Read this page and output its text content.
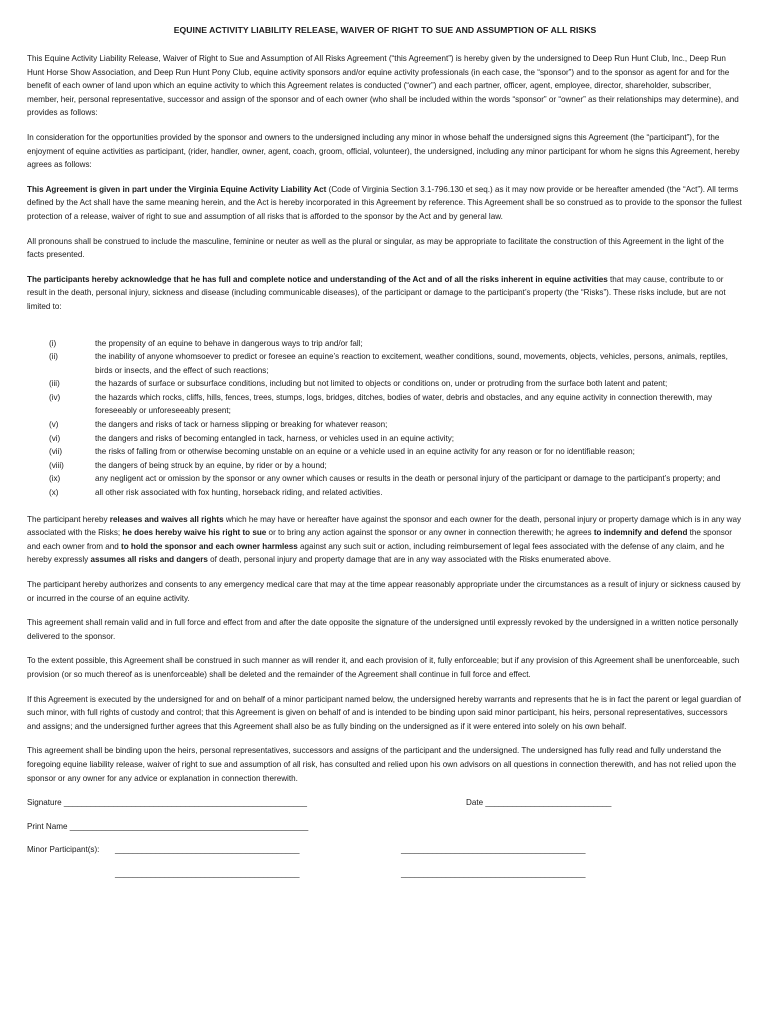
EQUINE ACTIVITY LIABILITY RELEASE, WAIVER OF RIGHT TO SUE AND ASSUMPTION OF ALL RISKS

This Equine Activity Liability Release, Waiver of Right to Sue and Assumption of All Risks Agreement (“this Agreement”) is hereby given by the undersigned to Deep Run Hunt Club, Inc., Deep Run Hunt Horse Show Association, and Deep Run Hunt Pony Club, equine activity sponsors and/or equine activity professionals (in each case, the “sponsor”) and to the sponsor as agent for and for the benefit of each owner of land upon which an equine activity to which this Agreement relates is conducted (“owner”) and each partner, officer, agent, employee, director, shareholder, subscriber, member, heir, personal representative, successor and assign of the sponsor and of each owner (who shall be included within the words “sponsor” or “owner” as their relationships may determine), and provides as follows:

In consideration for the opportunities provided by the sponsor and owners to the undersigned including any minor in whose behalf the undersigned signs this Agreement (the “participant”), for the enjoyment of equine activities as participant, (rider, handler, owner, agent, coach, groom, official, volunteer), the undersigned, including any minor participant for whom he signs this Agreement, hereby agrees as follows:

This Agreement is given in part under the Virginia Equine Activity Liability Act (Code of Virginia Section 3.1-796.130 et seq.) as it may now provide or be hereafter amended (the “Act”). All terms defined by the Act shall have the same meaning herein, and the Act is hereby incorporated in this Agreement by reference. This Agreement shall be so construed as to provide to the sponsor the fullest protection of a release, waiver of right to sue and assumption of all risks that is afforded to the sponsor by the Act and by general law.

All pronouns shall be construed to include the masculine, feminine or neuter as well as the plural or singular, as may be appropriate to facilitate the construction of this Agreement in the light of the facts presented.

The participants hereby acknowledge that he has full and complete notice and understanding of the Act and of all the risks inherent in equine activities that may cause, contribute to or result in the death, personal injury, sickness and disease (including communicable diseases), of the participant or damage to the participant’s property (the “Risks”). These risks include, but are not limited to:

(i)	the propensity of an equine to behave in dangerous ways to trip and/or fall;
(ii)	the inability of anyone whomsoever to predict or foresee an equine’s reaction to excitement, weather conditions, sound, movements, objects, vehicles, persons, animals, reptiles, birds or insects, and the effect of such reactions;
(iii)	the hazards of surface or subsurface conditions, including but not limited to objects or conditions on, under or protruding from the surface both latent and patent;
(iv)	the hazards which rocks, cliffs, hills, fences, trees, stumps, logs, bridges, ditches, bodies of water, debris and obstacles, and any equine activity in connection therewith, may foreseeably or unforeseeably present;
(v)	the dangers and risks of tack or harness slipping or breaking for whatever reason;
(vi)	the dangers and risks of becoming entangled in tack, harness, or vehicles used in an equine activity;
(vii)	the risks of falling from or otherwise becoming unstable on an equine or a vehicle used in an equine activity for any reason or for no identifiable reason;
(viii)	the dangers of being struck by an equine, by rider or by a hound;
(ix)	any negligent act or omission by the sponsor or any owner which causes or results in the death or personal injury of the participant or damage to the participant’s property; and
(x)	all other risk associated with fox hunting, horseback riding, and related activities.

The participant hereby releases and waives all rights which he may have or hereafter have against the sponsor and each owner for the death, personal injury or property damage which is in any way associated with the Risks; he does hereby waive his right to sue or to bring any action against the sponsor or any owner in connection therewith; he agrees to indemnify and defend the sponsor and each owner from and to hold the sponsor and each owner harmless against any such suit or action, including reimbursement of legal fees associated with the defense of any claim, and he hereby expressly assumes all risks and dangers of death, personal injury and property damage that are in any way associated with the Risks enumerated above.

The participant hereby authorizes and consents to any emergency medical care that may at the time appear reasonably appropriate under the circumstances as a result of injury or sickness caused by or incurred in the course of an equine activity.

This agreement shall remain valid and in full force and effect from and after the date opposite the signature of the undersigned until expressly revoked by the undersigned in a written notice personally delivered to the sponsor.

To the extent possible, this Agreement shall be construed in such manner as will render it, and each provision of it, fully enforceable; but if any provision of this Agreement shall be unenforceable, such provision (or so much thereof as is unenforceable) shall be deleted and the remainder of the Agreement shall continue in full force and effect.

If this Agreement is executed by the undersigned for and on behalf of a minor participant named below, the undersigned hereby warrants and represents that he is in fact the parent or legal guardian of such minor, with full rights of custody and control; that this Agreement is given on behalf of and is intended to be binding upon said minor participant, his heirs, personal representatives, successors and assigns; and the undersigned further agrees that this Agreement shall also be as fully binding on the undersigned as if it were entered into solely on his own behalf.

This agreement shall be binding upon the heirs, personal representatives, successors and assigns of the participant and the undersigned. The undersigned has fully read and fully understand the foregoing equine liability release, waiver of right to sue and assumption of all risk, has consulted and relied upon his own advisors on all questions in connection therewith, and has not relied upon the sponsor or any owner for any advice or explanation in connection therewith.

Signature ______________________________________________________	Date ____________________________
Print Name _____________________________________________________
Minor Participant(s): _________________________________________	_________________________________________
_________________________________________	_________________________________________
